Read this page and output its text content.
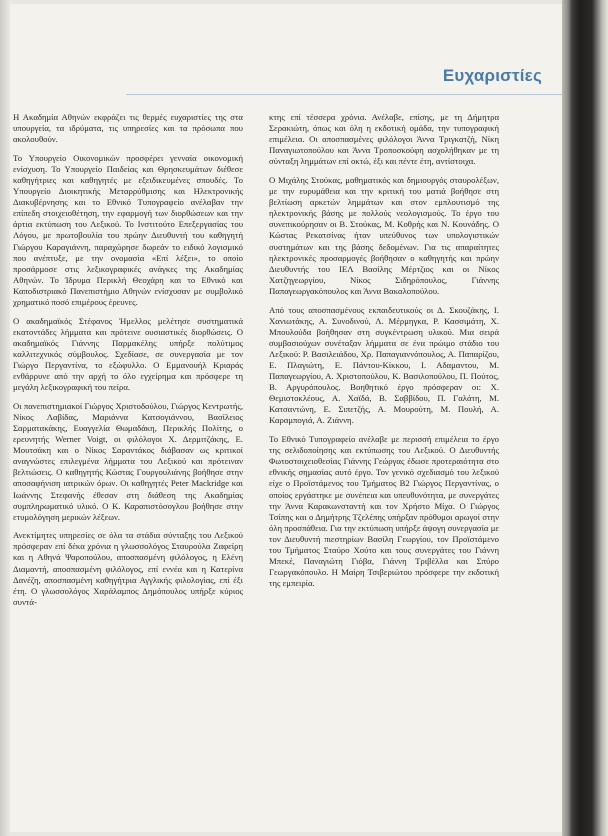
Ευχαριστίες

Η Ακαδημία Αθηνών εκφράζει τις θερμές ευχαριστίες της στα υπουργεία, τα ιδρύματα, τις υπηρεσίες και τα πρόσωπα που ακολουθούν.

Το Υπουργείο Οικονομικών προσφέρει γενναία οικονομική ενίσχυση. Το Υπουργείο Παιδείας και Θρησκευμάτων διέθεσε καθηγήτριες και καθηγητές με εξειδικευμένες σπουδές. Το Υπουργείο Διοικητικής Μεταρρύθμισης και Ηλεκτρονικής Διακυβέρνησης και το Εθνικό Τυπογραφείο ανέλαβαν την επίπεδη στοιχειοθέτηση, την εφαρμογή των διορθώσεων και την άρτια εκτύπωση του Λεξικού. Το Ινστιτούτο Επεξεργασίας του Λόγου, με πρωτοβουλία του πρώην Διευθυντή του καθηγητή Γιώργου Καραγιάννη, παραχώρησε δωρεάν το ειδικό λογισμικό που ανέπτυξε, με την ονομασία «Επί λέξει», το οποίο προσάρμοσε στις λεξικογραφικές ανάγκες της Ακαδημίας Αθηνών. Το Ίδρυμα Περικλή Θεοχάρη και το Εθνικό και Καποδιστριακό Πανεπιστήμιο Αθηνών ενίσχυσαν με συμβολικό χρηματικό ποσό επιμέρους έρευνες.

Ο ακαδημαϊκός Στέφανος Ήμελλος μελέτησε συστηματικά εκατοντάδες λήμματα και πρότεινε ουσιαστικές διορθώσεις. Ο ακαδημαϊκός Γιάννης Παρμακέλης υπήρξε πολύτιμος καλλιτεχνικός σύμβουλος. Σχεδίασε, σε συνεργασία με τον Γιώργο Περγαντίνα, το εξώφυλλο. Ο Εμμανουήλ Κριαράς ενθάρρυνε από την αρχή το όλο εγχείρημα και πρόσφερε τη μεγάλη λεξικογραφική του πείρα.

Οι πανεπιστημιακοί Γιώργος Χριστοδούλου, Γιώργος Κεντρωτής, Νίκος Λαβίδας, Μαριάννα Κατσογιάννου, Βασίλειος Σαρματακάκης, Ευαγγελία Θωμαδάκη, Περικλής Πολίτης, ο ερευνητής Werner Voigt, οι φιλόλογοι Χ. Δερμιτζάκης, Ε. Μουτσάκη και ο Νίκος Σαραντάκος διάβασαν ως κριτικοί αναγνώστες επιλεγμένα λήμματα του Λεξικού και πρότειναν βελτιώσεις. Ο καθηγητής Κώστας Γουργουλιάνης βοήθησε στην αποσαφήνιση ιατρικών όρων. Οι καθηγητές Peter Mackridge και Ιωάννης Στεφανής έθεσαν στη διάθεση της Ακαδημίας συμπληρωματικό υλικό. Ο Κ. Καραπιστόσογλου βοήθησε στην ετυμολόγηση μερικών λέξεων.

Ανεκτίμητες υπηρεσίες σε όλα τα στάδια σύνταξης του Λεξικού πρόσφεραν επί δέκα χρόνια η γλωσσολόγος Σταυρούλα Ζαφείρη και η Αθηνά Ψαροπούλου, αποσπασμένη φιλόλογος, η Ελένη Διαμαντή, αποσπασμένη φιλόλογος, επί εννέα και η Κατερίνα Δανέζη, αποσπασμένη καθηγήτρια Αγγλικής φιλολογίας, επί έξι έτη. Ο γλωσσολόγος Χαράλαμπος Δημόπουλος υπήρξε κύριος συντά-

κτης επί τέσσερα χρόνια. Ανέλαβε, επίσης, με τη Δήμητρα Σερακιώτη, όπως και όλη η εκδοτική ομάδα, την τυπογραφική επιμέλεια. Οι αποσπασμένες φιλόλογοι Άννα Τριγκατζή, Νίκη Παναγιωτοπούλου και Άννα Τροποσκούφη ασχολήθηκαν με τη σύνταξη λημμάτων επί οκτώ, έξι και πέντε έτη, αντίστοιχα.

Ο Μιχάλης Στούκας, μαθηματικός και δημιουργός σταυρολέξων, με την ευρυμάθεια και την κριτική του ματιά βοήθησε στη βελτίωση αρκετών λημμάτων και στον εμπλουτισμό της ηλεκτρονικής βάσης με πολλούς νεολογισμούς. Το έργο του συνεπικούρησαν οι Β. Στούκας, Μ. Κοθρής και Ν. Κουνάδης. Ο Κώστας Ρεκατσίνας ήταν υπεύθυνος των υπολογιστικών συστημάτων και της βάσης δεδομένων. Για τις απαραίτητες ηλεκτρονικές προσαρμογές βοήθησαν ο καθηγητής και πρώην Διευθυντής του ΙΕΛ Βασίλης Μέρτζιος και οι Νίκος Χατζηγεωργίου, Νίκος Σιδηρόπουλος, Γιάννης Παπαγεωργακόπουλος και Άννα Βακαλοπούλου.

Από τους αποσπασμένους εκπαιδευτικούς οι Δ. Σκουζάκης, Ι. Χανιωτάκης, Α. Συνοδινού, Λ. Μέρμηγκα, Ρ. Κασσιμάτη, Χ. Μπουλούδα βοήθησαν στη συγκέντρωση υλικού. Μια σειρά συμβασιούχων συνέταξαν λήμματα σε ένα πρώιμο στάδιο του Λεξικού: Ρ. Βασιλειάδου, Χρ. Παπαγιαννόπουλος, Α. Παπαρίζου, Ε. Πλαγιώτη, Ε. Πάντου-Κίκκου, Ι. Αδαμαντου, Μ. Παπαγεωργίου, Α. Χριστοπούλου, Κ. Βασιλοπούλου, Π. Πούτος, Β. Αργυρόπουλος. Βοηθητικό έργο πρόσφεραν οι: Χ. Θεμιστοκλέους, Α. Χαϊδά, Β. Σαββίδου, Π. Γαλάτη, Μ. Κατσαντώνη, Ε. Σιπετζής, Α. Μουρούτη, Μ. Πουλή, Α. Καραμπογιά, Α. Ζιάννη.

Το Εθνικό Τυπογραφείο ανέλαβε με περισσή επιμέλεια το έργο της σελιδοποίησης και εκτύπωσης του Λεξικού. Ο Διευθυντής Φωτοστοιχειοθεσίας Γιάννης Γεώργας έδωσε προτεραιότητα στο εθνικής σημασίας αυτό έργο. Τον γενικό σχεδιασμό του λεξικού είχε ο Προϊστάμενος του Τμήματος Β2 Γιώργος Περγαντίνας, ο οποίος εργάστηκε με συνέπεια και υπευθυνότητα, με συνεργάτες την Άννα Καρακωνσταντή και τον Χρήστο Μίχα. Ο Γιώργος Τσίπης και ο Δημήτρης Τζελέπης υπήρξαν πρόθυμοι αρωγοί στην όλη προσπάθεια. Για την εκτύπωση υπήρξε άψογη συνεργασία με τον Διευθυντή πιεστηρίων Βασίλη Γεωργίου, τον Προϊστάμενο του Τμήματος Σταύρο Χούτο και τους συνεργάτες του Γιάννη Μπεκέ, Παναγιώτη Γιόβα, Γιάννη Τριβέλλα και Σπύρο Γεωργακόπουλο. Η Μαίρη Τσιβεριώτου πρόσφερε την εκδοτική της εμπειρία.
